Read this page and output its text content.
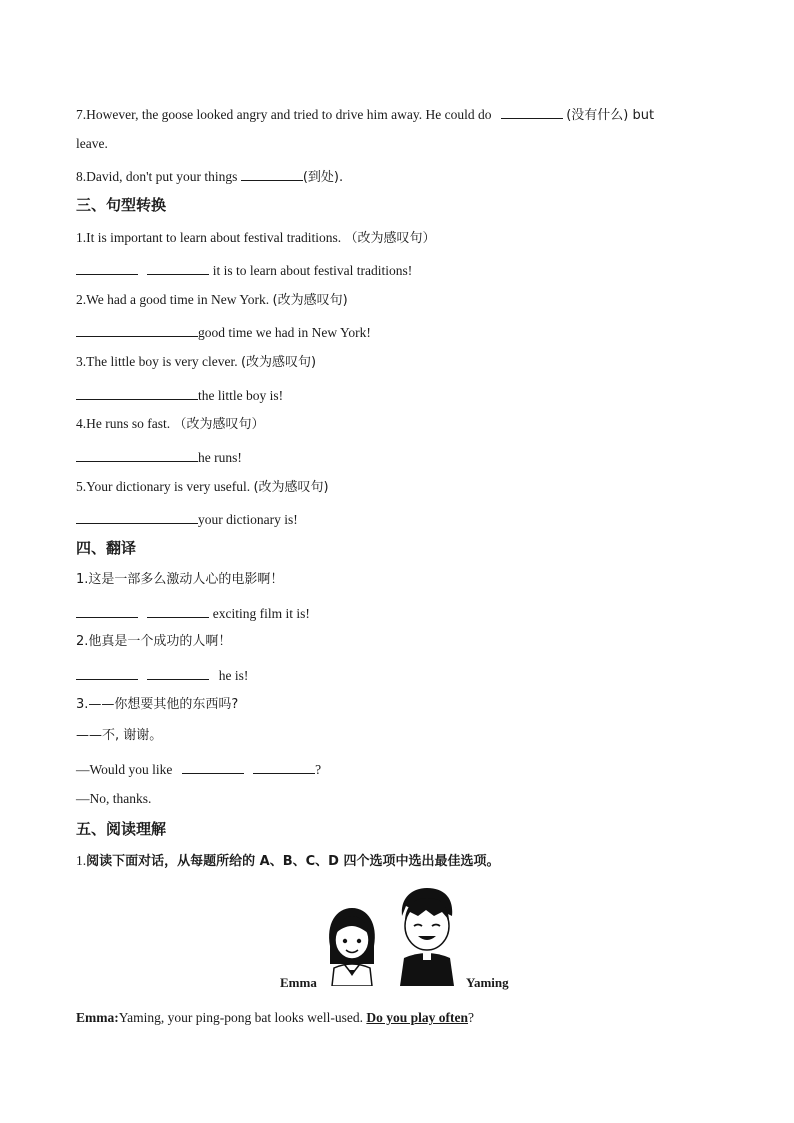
7.However, the goose looked angry and tried to drive him away. He could do	(没有什么) but
leave.
8.David, don't put your things	(到处).
三、句型转换
1.It is important to learn about festival traditions. （改为感叹句）
it is to learn about festival traditions!
2.We had a good time in New York. (改为感叹句)
good time we had in New York!
3.The little boy is very clever. (改为感叹句)
the little boy is!
4.He runs so fast. （改为感叹句）
he runs!
5.Your dictionary is very useful. (改为感叹句)
your dictionary is!
四、翻译
1.这是一部多么激动人心的电影啊！
exciting film it is!
2.他真是一个成功的人啊！
he is!
3.——你想要其他的东西吗?
——不, 谢谢。
—Would you like	?
—No, thanks.
五、阅读理解
1.阅读下面对话，从每题所给的 A、B、C、D 四个选项中选出最佳选项。
Emma	Yaming
Emma:Yaming, your ping-pong bat looks well-used. Do you play often?
